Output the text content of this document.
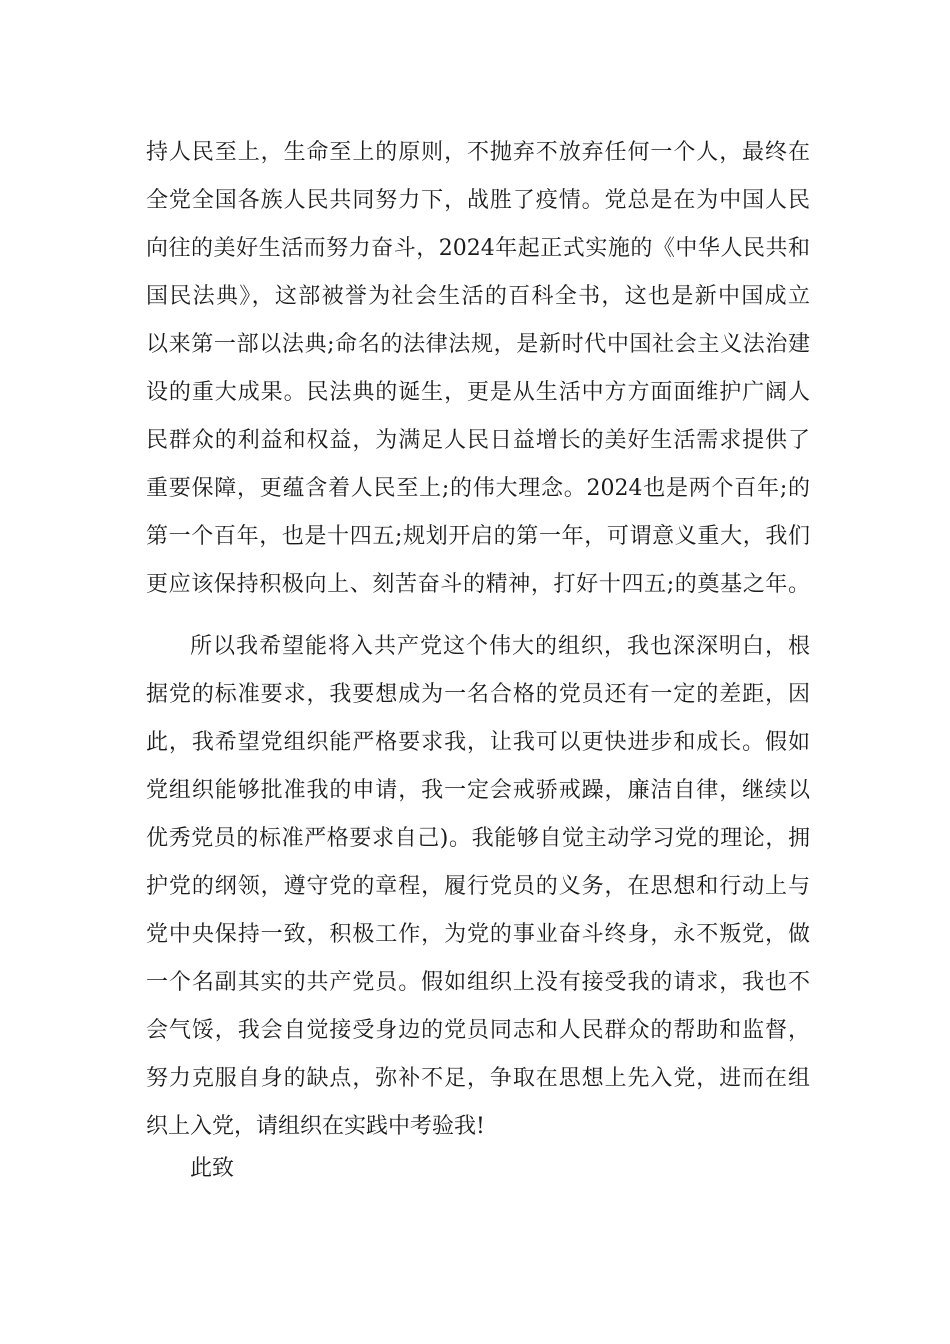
持人民至上，生命至上的原则，不抛弃不放弃任何一个人，最终在
全党全国各族人民共同努力下，战胜了疫情。党总是在为中国人民
向往的美好生活而努力奋斗，2024年起正式实施的《中华人民共和
国民法典》，这部被誉为社会生活的百科全书，这也是新中国成立
以来第一部以法典;命名的法律法规，是新时代中国社会主义法治建
设的重大成果。民法典的诞生，更是从生活中方方面面维护广阔人
民群众的利益和权益，为满足人民日益增长的美好生活需求提供了
重要保障，更蕴含着人民至上;的伟大理念。2024也是两个百年;的
第一个百年，也是十四五;规划开启的第一年，可谓意义重大，我们
更应该保持积极向上、刻苦奋斗的精神，打好十四五;的奠基之年。
所以我希望能将入共产党这个伟大的组织，我也深深明白，根
据党的标准要求，我要想成为一名合格的党员还有一定的差距，因
此，我希望党组织能严格要求我，让我可以更快进步和成长。假如
党组织能够批准我的申请，我一定会戒骄戒躁，廉洁自律，继续以
优秀党员的标准严格要求自己)。我能够自觉主动学习党的理论，拥
护党的纲领，遵守党的章程，履行党员的义务，在思想和行动上与
党中央保持一致，积极工作，为党的事业奋斗终身，永不叛党，做
一个名副其实的共产党员。假如组织上没有接受我的请求，我也不
会气馁，我会自觉接受身边的党员同志和人民群众的帮助和监督，
努力克服自身的缺点，弥补不足，争取在思想上先入党，进而在组
织上入党，请组织在实践中考验我!
此致
